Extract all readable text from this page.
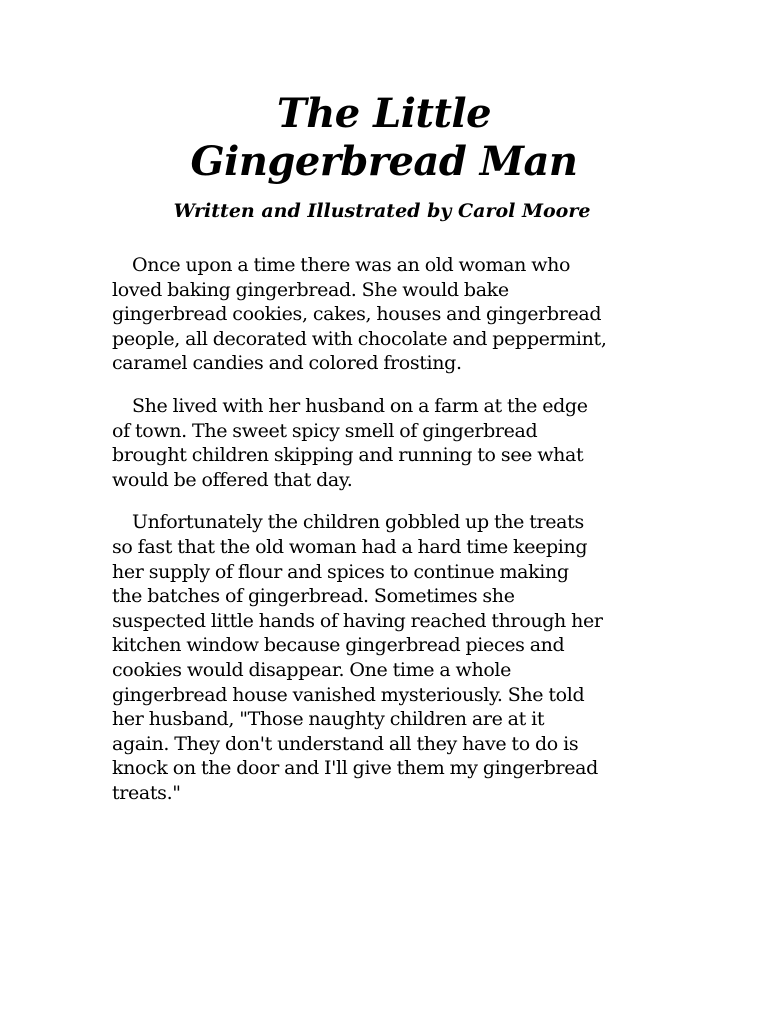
The Little
Gingerbread Man

Written and Illustrated by Carol Moore

Once upon a time there was an old woman who
loved baking gingerbread. She would bake
gingerbread cookies, cakes, houses and gingerbread
people, all decorated with chocolate and peppermint,
caramel candies and colored frosting.
She lived with her husband on a farm at the edge
of town. The sweet spicy smell of gingerbread
brought children skipping and running to see what
would be offered that day.
Unfortunately the children gobbled up the treats
so fast that the old woman had a hard time keeping
her supply of flour and spices to continue making
the batches of gingerbread. Sometimes she
suspected little hands of having reached through her
kitchen window because gingerbread pieces and
cookies would disappear. One time a whole
gingerbread house vanished mysteriously. She told
her husband, "Those naughty children are at it
again. They don't understand all they have to do is
knock on the door and I'll give them my gingerbread
treats."
